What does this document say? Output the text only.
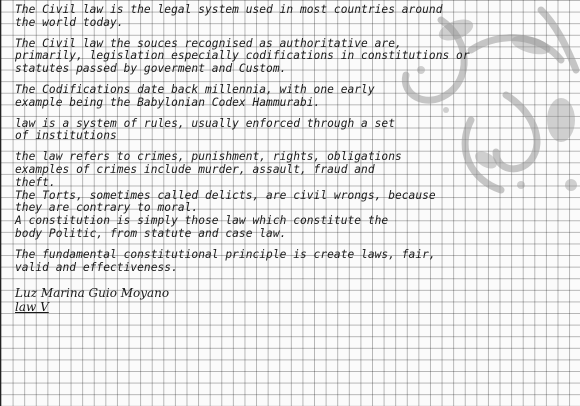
The Civil law is the legal system used in most countries around
the world today.
The Civil law the souces recognised as authoritative are,
primarily, legislation especially codifications in constitutions or
statutes passed by goverment and Custom.
The Codifications date back millennia, with one early
example being the Babylonian Codex Hammurabi.
law is a system of rules, usually enforced through a set
of institutions
the law refers to crimes, punishment, rights, obligations
examples of crimes include murder, assault, fraud and
theft.
The Torts, sometimes called delicts, are civil wrongs, because
they are contrary to moral.
A constitution is simply those law which constitute the
body Politic, from statute and case law.
The fundamental constitutional principle is create laws, fair,
valid and effectiveness.
Luz Marina Guio Moyano
law V
